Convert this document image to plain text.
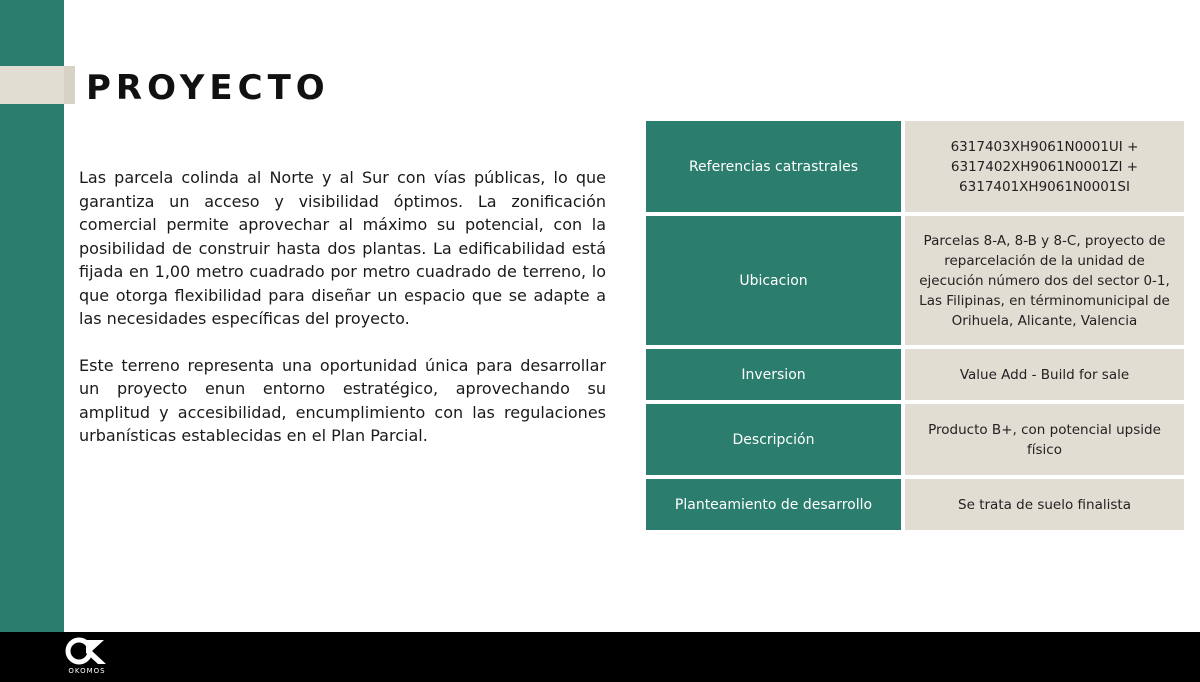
PROYECTO

Las parcela colinda al Norte y al Sur con vías públicas, lo que garantiza un acceso y visibilidad óptimos. La zonificación comercial permite aprovechar al máximo su potencial, con la posibilidad de construir hasta dos plantas. La edificabilidad está fijada en 1,00 metro cuadrado por metro cuadrado de terreno, lo que otorga flexibilidad para diseñar un espacio que se adapte a las necesidades específicas del proyecto.

Este terreno representa una oportunidad única para desarrollar un proyecto enun entorno estratégico, aprovechando su amplitud y accesibilidad, encumplimiento con las regulaciones urbanísticas establecidas en el Plan Parcial.

Referencias catrastrales
6317403XH9061N0001UI + 6317402XH9061N0001ZI + 6317401XH9061N0001SI
Ubicacion
Parcelas 8-A, 8-B y 8-C, proyecto de reparcelación de la unidad de ejecución número dos del sector 0-1, Las Filipinas, en términomunicipal de Orihuela, Alicante, Valencia
Inversion	Value Add - Build for sale
Descripción
Producto B+, con potencial upside físico
Planteamiento de desarrollo	Se trata de suelo finalista
OKOMOS
